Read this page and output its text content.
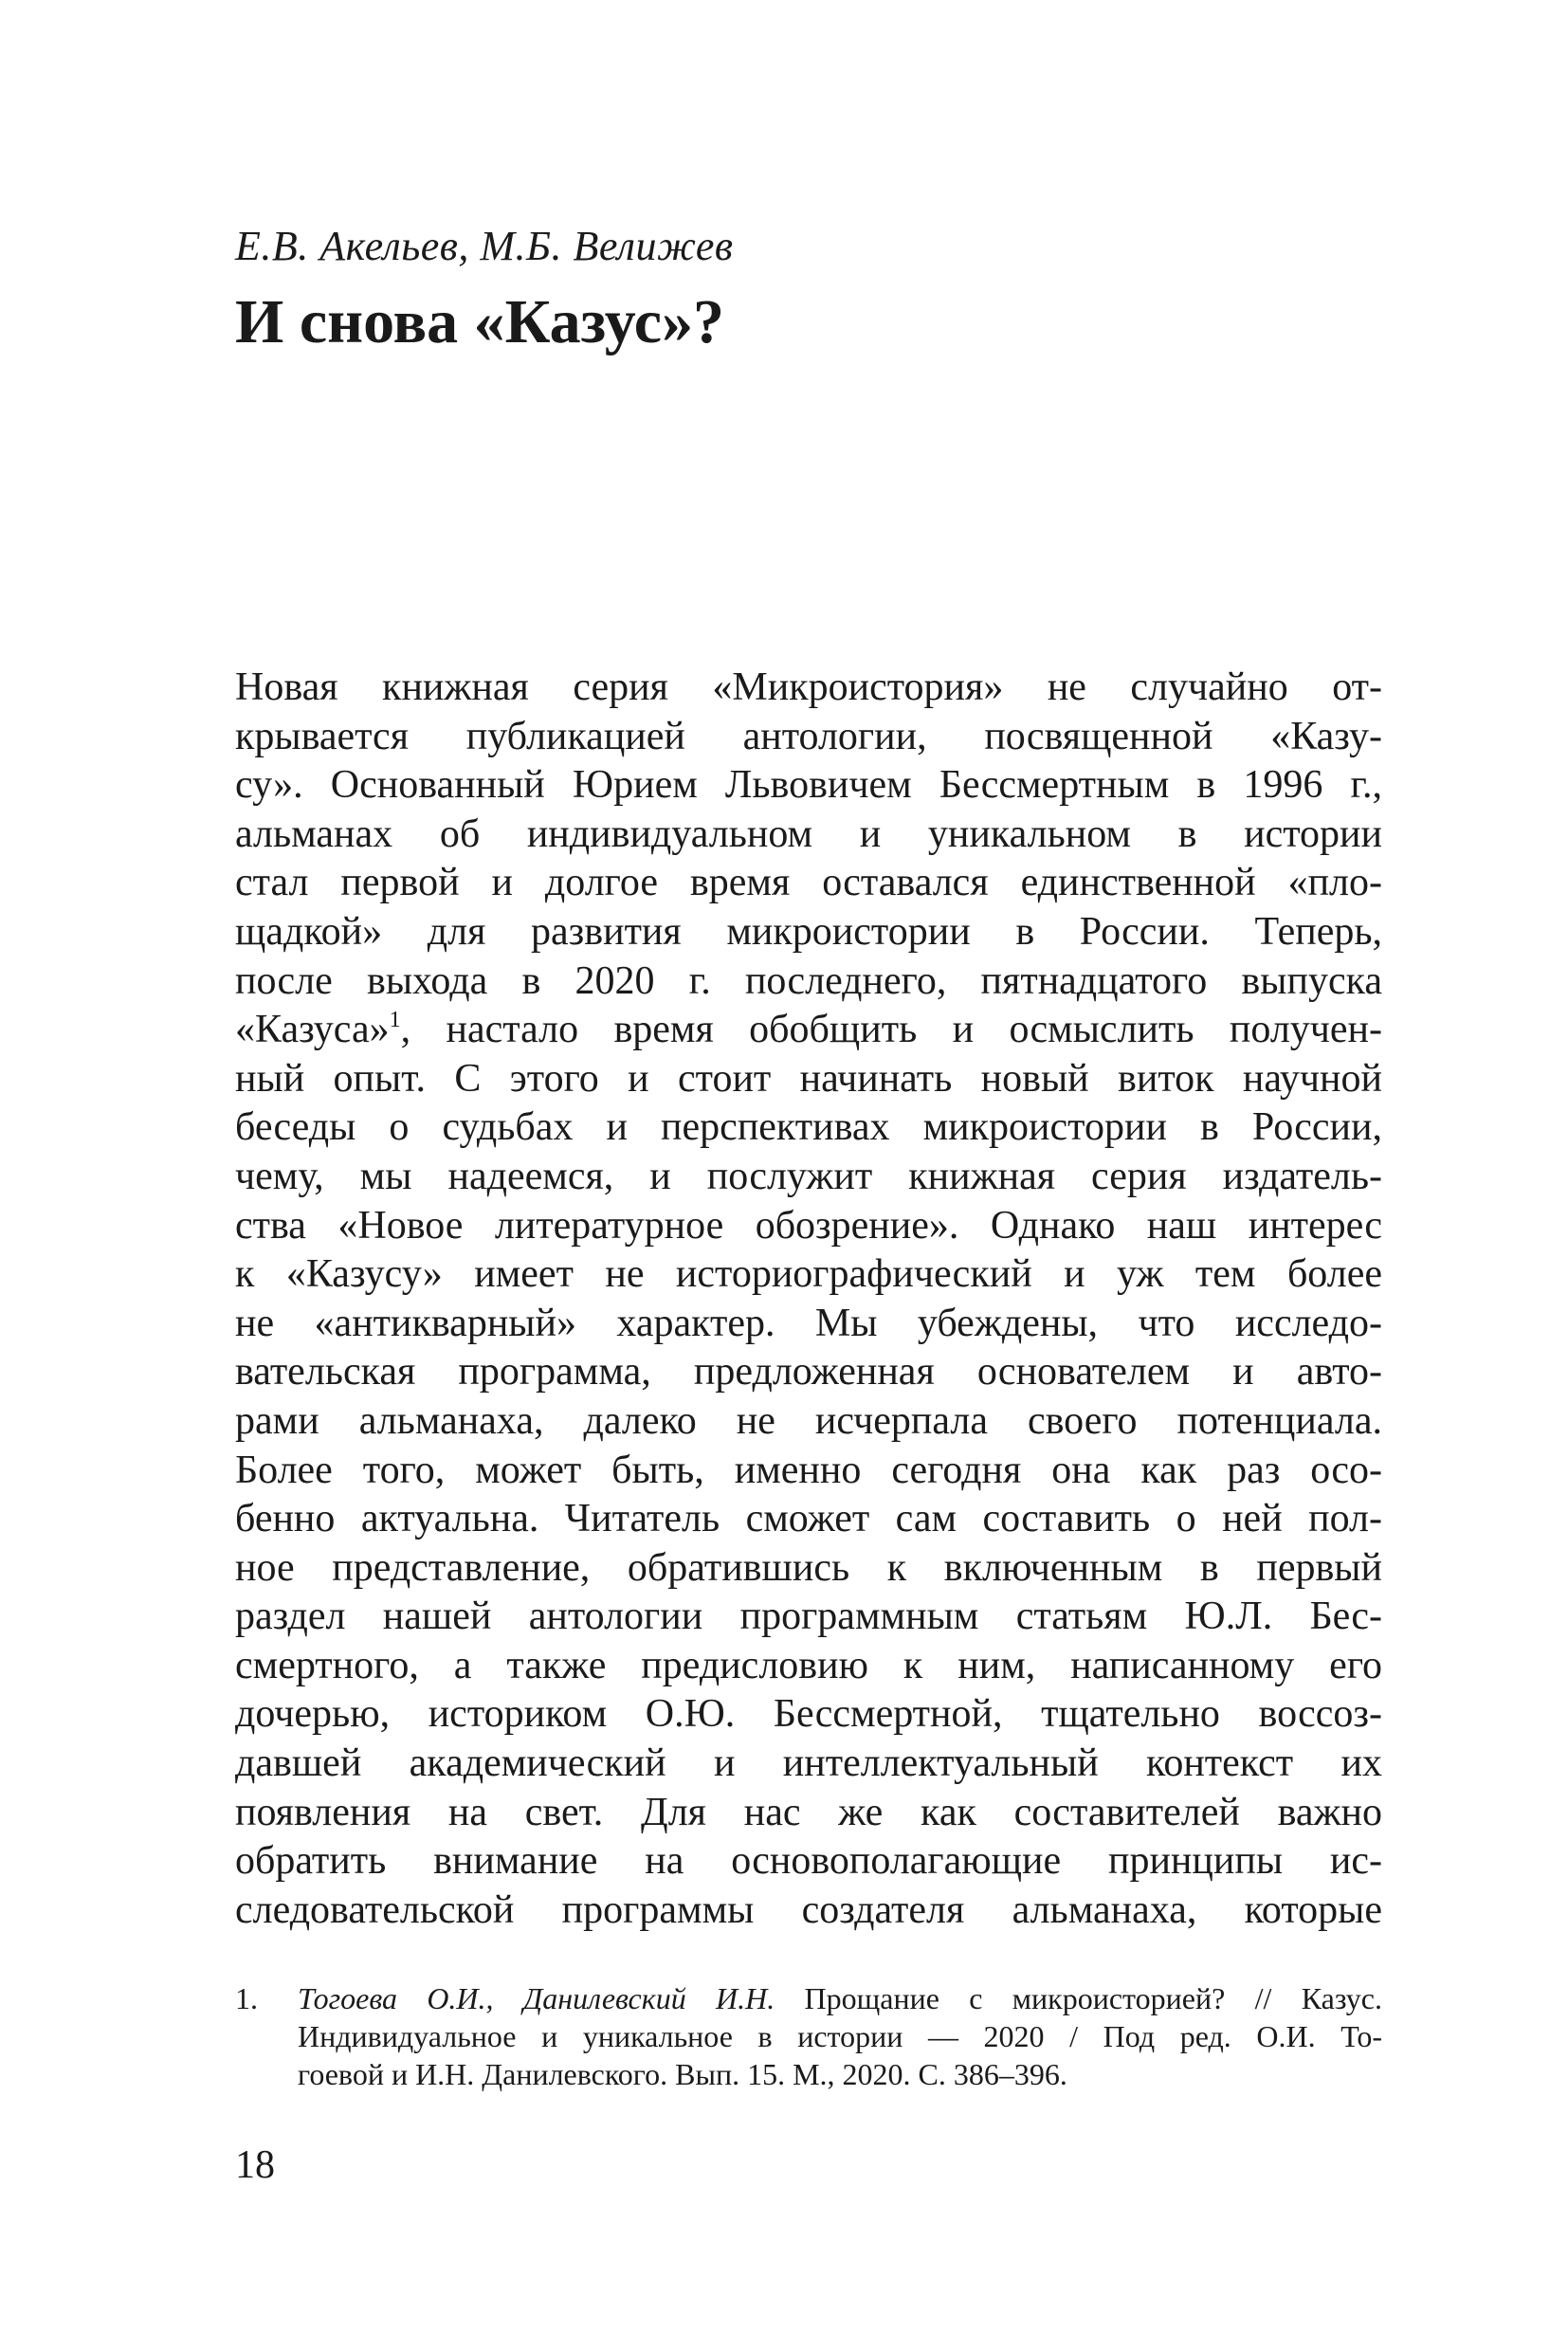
Е.В. Акельев, М.Б. Велижев

И снова «Казус»?
Новая книжная серия «Микроистория» не случайно от-
крывается публикацией антологии, посвященной «Казу-
су». Основанный Юрием Львовичем Бессмертным в 1996 г.,
альманах об индивидуальном и уникальном в истории
стал первой и долгое время оставался единственной «пло-
щадкой» для развития микроистории в России. Теперь,
после выхода в 2020 г. последнего, пятнадцатого выпуска
«Казуса»$^1$, настало время обобщить и осмыслить получен-
ный опыт. С этого и стоит начинать новый виток научной
беседы о судьбах и перспективах микроистории в России,
чему, мы надеемся, и послужит книжная серия издатель-
ства «Новое литературное обозрение». Однако наш интерес
к «Казусу» имеет не историографический и уж тем более
не «антикварный» характер. Мы убеждены, что исследо-
вательская программа, предложенная основателем и авто-
рами альманаха, далеко не исчерпала своего потенциала.
Более того, может быть, именно сегодня она как раз осо-
бенно актуальна. Читатель сможет сам составить о ней пол-
ное представление, обратившись к включенным в первый
раздел нашей антологии программным статьям Ю.Л. Бес-
смертного, а также предисловию к ним, написанному его
дочерью, историком О.Ю. Бессмертной, тщательно воссоз-
давшей академический и интеллектуальный контекст их
появления на свет. Для нас же как составителей важно
обратить внимание на основополагающие принципы ис-
следовательской программы создателя альманаха, которые
1. Тогоева О.И., Данилевский И.Н. Прощание с микроисторией? // Казус.
Индивидуальное и уникальное в истории — 2020 / Под ред. О.И. То-
гоевой и И.Н. Данилевского. Вып. 15. М., 2020. С. 386–396.

18
